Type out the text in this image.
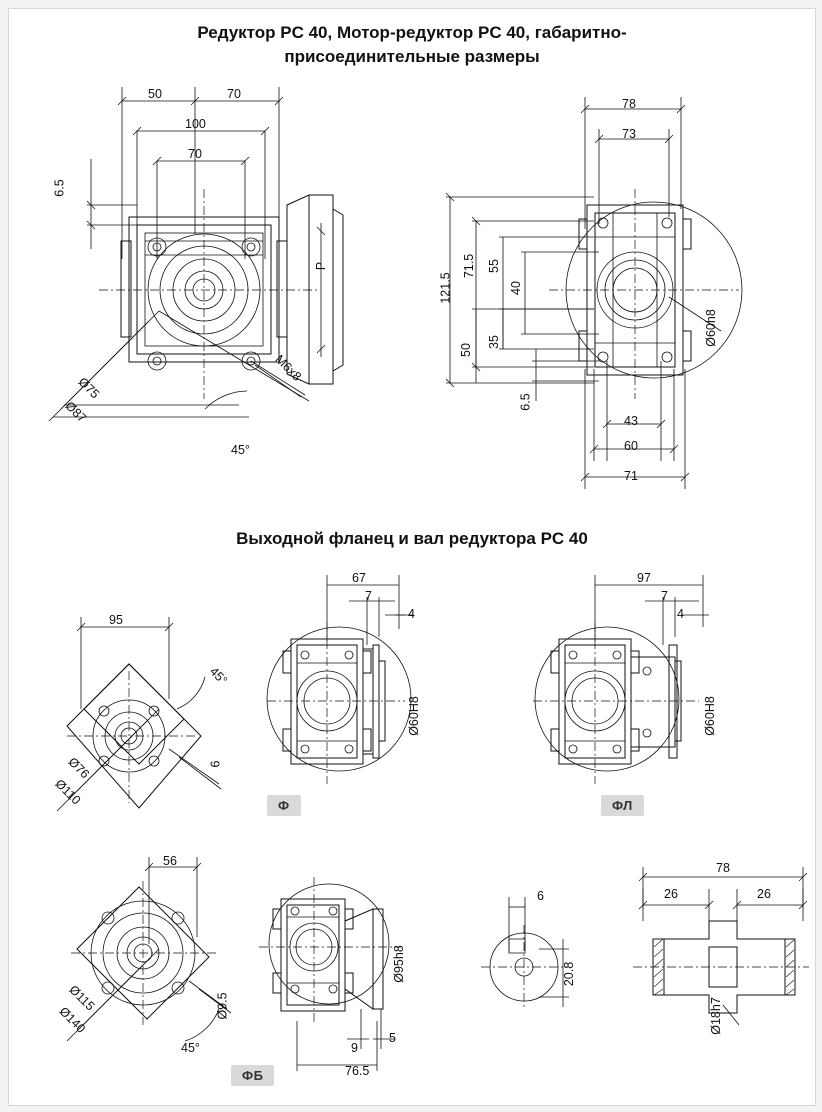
Редуктор PC 40, Мотор-редуктор PC 40, габаритно-
присоединительные размеры
Выходной фланец и вал редуктора PC 40
50	70
100
70
6.5
P
M6x8
45°
Ø75
Ø87
78
73
121.5
71.5 55
40
50
35
6.5
43
60
71
Ø60h8
95
45°
6
Ø76
Ø110
67
7
4
Ø60H8
Ф
97
7
4
Ø60H8
ФЛ
56
45°
Ø9.5
Ø115
Ø140
Ø95h8
9
5
76.5
ФБ
6
20.8
78
26	26
Ø18h7
